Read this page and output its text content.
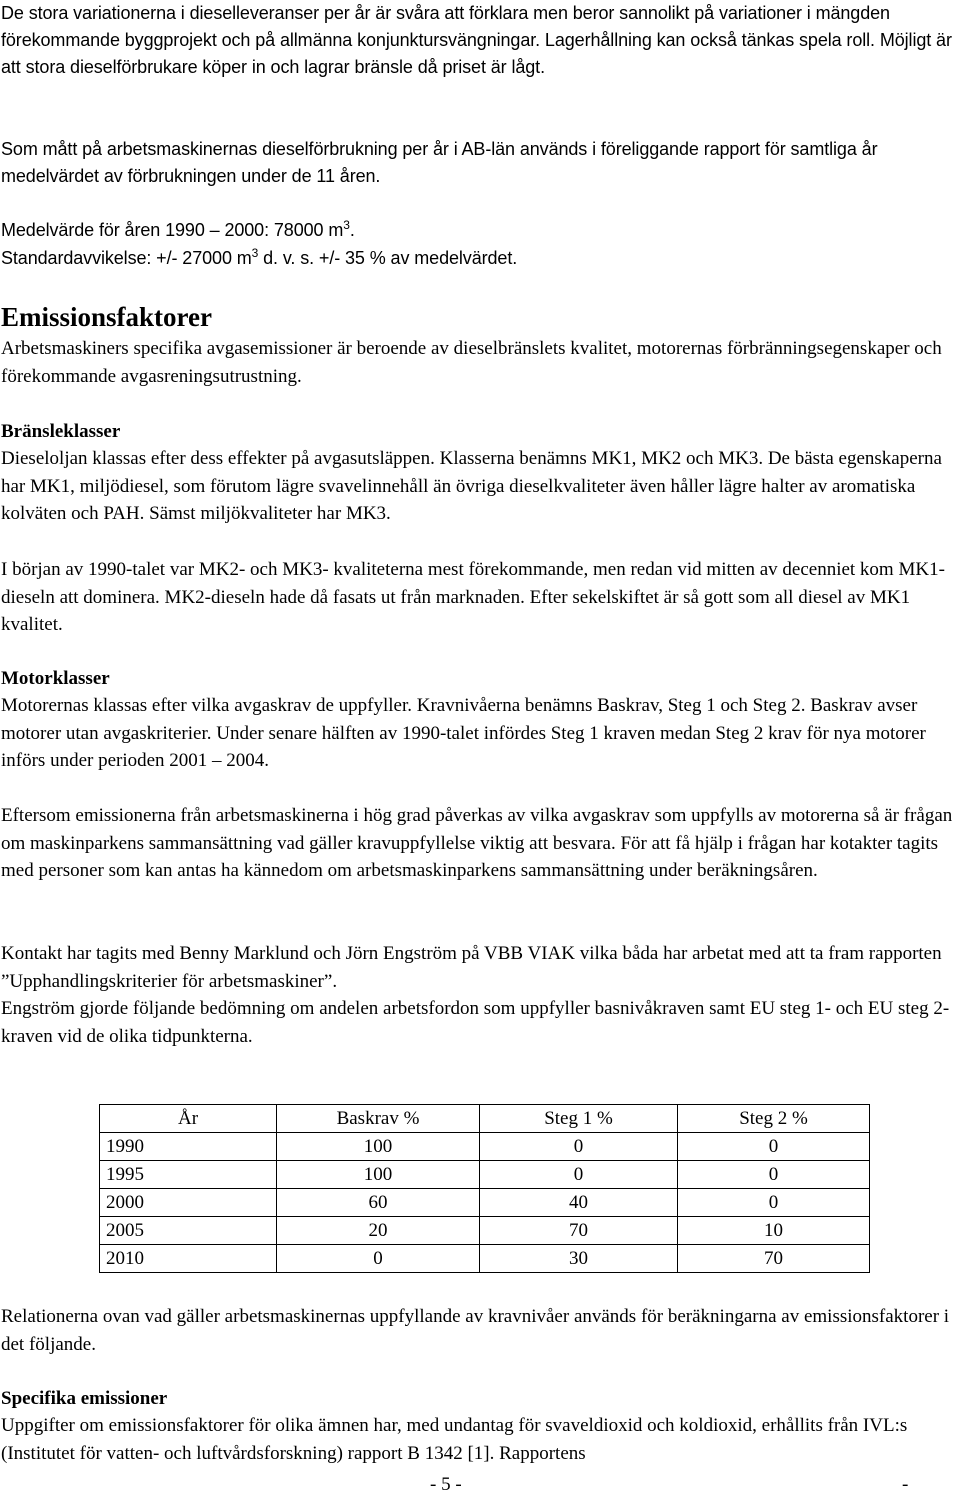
De stora variationerna i dieselleveranser per år är svåra att förklara men beror sannolikt på variationer i mängden förekommande byggprojekt och på allmänna konjunktursvängningar. Lagerhållning kan också tänkas spela roll. Möjligt är att stora dieselförbrukare köper in och lagrar bränsle då priset är lågt.

Som mått på arbetsmaskinernas dieselförbrukning per år i AB-län används i föreliggande rapport för samtliga år medelvärdet av förbrukningen under de 11 åren.

Medelvärde för åren 1990 – 2000: 78000 $m^3$.

Standardavvikelse: +/- 27000 $m^3$ d. v. s. +/- 35 % av medelvärdet.

Emissionsfaktorer

Arbetsmaskiners specifika avgasemissioner är beroende av dieselbränslets kvalitet, motorernas förbränningsegenskaper och förekommande avgasreningsutrustning.

Bränsleklasser

Dieseloljan klassas efter dess effekter på avgasutsläppen. Klasserna benämns MK1, MK2 och MK3. De bästa egenskaperna har MK1, miljödiesel, som förutom lägre svavelinnehåll än övriga dieselkvaliteter även håller lägre halter av aromatiska kolväten och PAH. Sämst miljökvaliteter har MK3.

I början av 1990-talet var MK2- och MK3- kvaliteterna mest förekommande, men redan vid mitten av decenniet kom MK1-dieseln att dominera. MK2-dieseln hade då fasats ut från marknaden. Efter sekelskiftet är så gott som all diesel av MK1 kvalitet.

Motorklasser

Motorernas klassas efter vilka avgaskrav de uppfyller. Kravnivåerna benämns Baskrav, Steg 1 och Steg 2. Baskrav avser motorer utan avgaskriterier. Under senare hälften av 1990-talet infördes Steg 1 kraven medan Steg 2 krav för nya motorer införs under perioden 2001 – 2004.

Eftersom emissionerna från arbetsmaskinerna i hög grad påverkas av vilka avgaskrav som uppfylls av motorerna så är frågan om maskinparkens sammansättning vad gäller kravuppfyllelse viktig att besvara. För att få hjälp i frågan har kotakter tagits med personer som kan antas ha kännedom om arbetsmaskinparkens sammansättning under beräkningsåren.

Kontakt har tagits med Benny Marklund och Jörn Engström på VBB VIAK vilka båda har arbetat med att ta fram rapporten ”Upphandlingskriterier för arbetsmaskiner”.

Engström gjorde följande bedömning om andelen arbetsfordon som uppfyller basnivåkraven samt EU steg 1- och EU steg 2-kraven vid de olika tidpunkterna.

År	Baskrav %	Steg 1 %	Steg 2 %
1990	100	0	0
1995	100	0	0
2000	60	40	0
2005	20	70	10
2010	0	30	70

Relationerna ovan vad gäller arbetsmaskinernas uppfyllande av kravnivåer används för beräkningarna av emissionsfaktorer i det följande.

Specifika emissioner

Uppgifter om emissionsfaktorer för olika ämnen har, med undantag för svaveldioxid och koldioxid, erhållits från IVL:s (Institutet för vatten- och luftvårdsforskning) rapport B 1342 [1]. Rapportens

- 5 -	-
